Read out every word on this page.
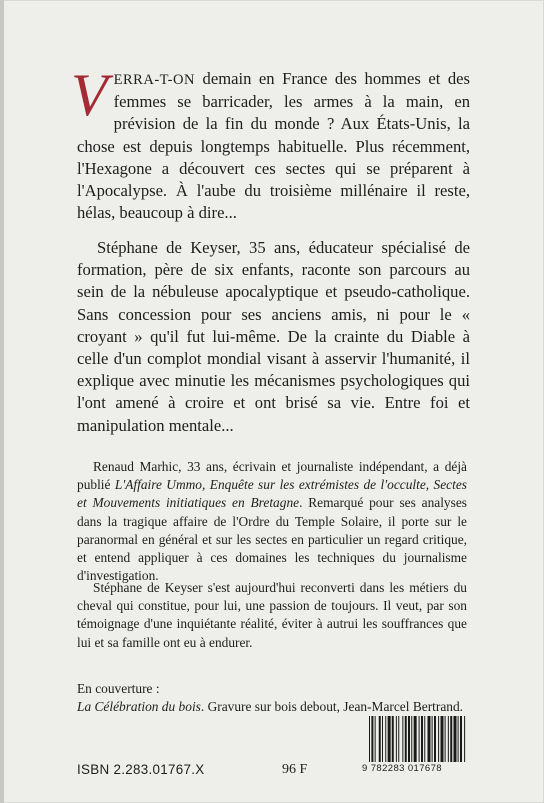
VERRA-T-ON demain en France des hommes et des femmes se barricader, les armes à la main, en prévision de la fin du monde ? Aux États-Unis, la chose est depuis longtemps habituelle. Plus récemment, l'Hexagone a découvert ces sectes qui se préparent à l'Apocalypse. À l'aube du troisième millénaire il reste, hélas, beaucoup à dire...

Stéphane de Keyser, 35 ans, éducateur spécialisé de formation, père de six enfants, raconte son parcours au sein de la nébuleuse apocalyptique et pseudo-catholique. Sans concession pour ses anciens amis, ni pour le « croyant » qu'il fut lui-même. De la crainte du Diable à celle d'un complot mondial visant à asservir l'humanité, il explique avec minutie les mécanismes psychologiques qui l'ont amené à croire et ont brisé sa vie. Entre foi et manipulation mentale...

Renaud Marhic, 33 ans, écrivain et journaliste indépendant, a déjà publié L'Affaire Ummo, Enquête sur les extrémistes de l'occulte, Sectes et Mouvements initiatiques en Bretagne. Remarqué pour ses analyses dans la tragique affaire de l'Ordre du Temple Solaire, il porte sur le paranormal en général et sur les sectes en particulier un regard critique, et entend appliquer à ces domaines les techniques du journalisme d'investigation.

Stéphane de Keyser s'est aujourd'hui reconverti dans les métiers du cheval qui constitue, pour lui, une passion de toujours. Il veut, par son témoignage d'une inquiétante réalité, éviter à autrui les souffrances que lui et sa famille ont eu à endurer.

En couverture :

La Célébration du bois. Gravure sur bois debout, Jean-Marcel Bertrand.

ISBN 2.283.01767.X	96 F	9 782283 017678
